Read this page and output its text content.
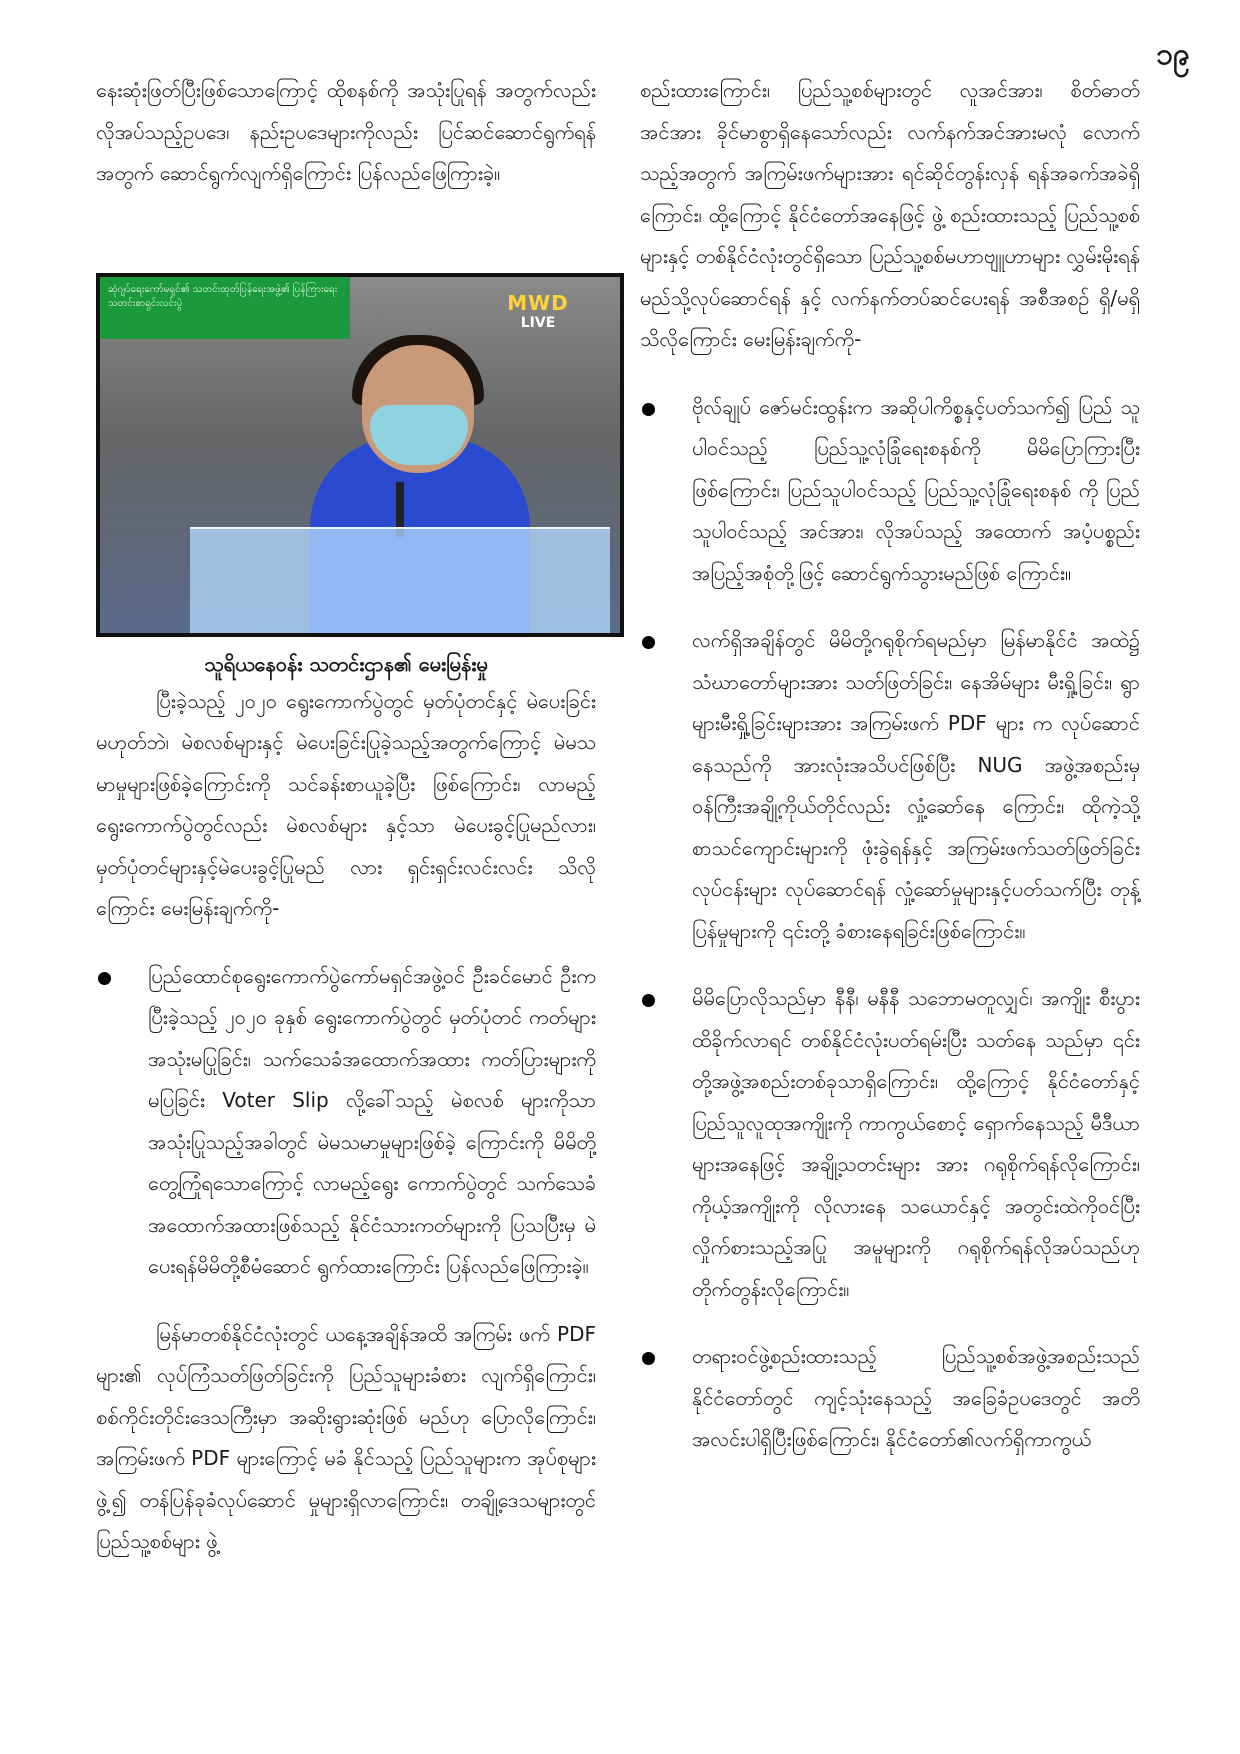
၁၉

နေးဆုံးဖြတ်ပြီးဖြစ်သောကြောင့် ထိုစနစ်ကို အသုံးပြုရန် အတွက်လည်း လိုအပ်သည့်ဥပဒေ၊ နည်းဥပဒေများကိုလည်း ပြင်ဆင်ဆောင်ရွက်ရန်အတွက် ဆောင်ရွက်လျက်ရှိကြောင်း ပြန်လည်ဖြေကြားခဲ့။

ဆုံဂျပ်ရေးကော်မရှင်၏ သတင်းထုတ်ပြန်ရေးအဖွဲ့၏ ပြန်ကြားရေးသတင်းစာရှင်းလင်းပွဲ	MWD
LIVE
သူရိယနေဝန်း သတင်းဌာန၏ မေးမြန်းမှု

ပြီးခဲ့သည့် ၂၀၂၀ ရွေးကောက်ပွဲတွင် မှတ်ပုံတင်နှင့် မဲပေးခြင်းမဟုတ်ဘဲ၊ မဲစလစ်များနှင့် မဲပေးခြင်းပြုခဲ့သည့်အတွက်ကြောင့် မဲမသမာမှုများဖြစ်ခဲ့ကြောင်းကို သင်ခန်းစာယူခဲ့ပြီး ဖြစ်ကြောင်း၊ လာမည့်ရွေးကောက်ပွဲတွင်လည်း မဲစလစ်များ နှင့်သာ မဲပေးခွင့်ပြုမည်လား၊ မှတ်ပုံတင်များနှင့်မဲပေးခွင့်ပြုမည် လား ရှင်းရှင်းလင်းလင်း သိလိုကြောင်း မေးမြန်းချက်ကို-

ပြည်ထောင်စုရွေးကောက်ပွဲကော်မရှင်အဖွဲ့ဝင် ဦးခင်မောင် ဦးက ပြီးခဲ့သည့် ၂၀၂၀ ခုနှစ် ရွေးကောက်ပွဲတွင် မှတ်ပုံတင် ကတ်များအသုံးမပြုခြင်း၊ သက်သေခံအထောက်အထား ကတ်ပြားများကိုမပြခြင်း Voter Slip လို့ခေါ်သည့် မဲစလစ် များကိုသာ အသုံးပြုသည့်အခါတွင် မဲမသမာမှုများဖြစ်ခဲ့ ကြောင်းကို မိမိတို့တွေ့ကြုံရသောကြောင့် လာမည့်ရွေး ကောက်ပွဲတွင် သက်သေခံအထောက်အထားဖြစ်သည့် နိုင်ငံသားကတ်များကို ပြသပြီးမှ မဲပေးရန်မိမိတို့စီမံဆောင် ရွက်ထားကြောင်း ပြန်လည်ဖြေကြားခဲ့။

မြန်မာတစ်နိုင်ငံလုံးတွင် ယနေ့အချိန်အထိ အကြမ်း ဖက် PDF များ၏ လုပ်ကြံသတ်ဖြတ်ခြင်းကို ပြည်သူများခံစား လျက်ရှိကြောင်း၊ စစ်ကိုင်းတိုင်းဒေသကြီးမှာ အဆိုးရွားဆုံးဖြစ် မည်ဟု ပြောလိုကြောင်း၊ အကြမ်းဖက် PDF များကြောင့် မခံ နိုင်သည့် ပြည်သူများက အုပ်စုများဖွဲ့၍ တန်ပြန်ခုခံလုပ်ဆောင် မှုများရှိလာကြောင်း၊ တချို့ဒေသများတွင် ပြည်သူ့စစ်များ ဖွဲ့

စည်းထားကြောင်း၊ ပြည်သူ့စစ်များတွင် လူအင်အား၊ စိတ်ဓာတ် အင်အား ခိုင်မာစွာရှိနေသော်လည်း လက်နက်အင်အားမလုံ လောက်သည့်အတွက် အကြမ်းဖက်များအား ရင်ဆိုင်တွန်းလှန် ရန်အခက်အခဲရှိကြောင်း၊ ထို့ကြောင့် နိုင်ငံတော်အနေဖြင့် ဖွဲ့ စည်းထားသည့် ပြည်သူ့စစ်များနှင့် တစ်နိုင်ငံလုံးတွင်ရှိသော ပြည်သူ့စစ်မဟာဗျူဟာများ လွှမ်းမိုးရန် မည်သို့လုပ်ဆောင်ရန် နှင့် လက်နက်တပ်ဆင်ပေးရန် အစီအစဉ် ရှိ/မရှိ သိလိုကြောင်း မေးမြန်းချက်ကို-

ဗိုလ်ချုပ် ဇော်မင်းထွန်းက အဆိုပါကိစ္စနှင့်ပတ်သက်၍ ပြည် သူပါဝင်သည့် ပြည်သူ့လုံခြုံရေးစနစ်ကို မိမိပြောကြားပြီး ဖြစ်ကြောင်း၊ ပြည်သူပါဝင်သည့် ပြည်သူ့လုံခြုံရေးစနစ် ကို ပြည်သူပါဝင်သည့် အင်အား၊ လိုအပ်သည့် အထောက် အပံ့ပစ္စည်း အပြည့်အစုံတို့ဖြင့် ဆောင်ရွက်သွားမည်ဖြစ် ကြောင်း။

လက်ရှိအချိန်တွင် မိမိတို့ဂရုစိုက်ရမည်မှာ မြန်မာနိုင်ငံ အထဲ၌ သံဃာတော်များအား သတ်ဖြတ်ခြင်း၊ နေအိမ်များ မီးရှို့ခြင်း၊ ရွာများမီးရှို့ခြင်းများအား အကြမ်းဖက် PDF များ က လုပ်ဆောင်နေသည်ကို အားလုံးအသိပင်ဖြစ်ပြီး NUG အဖွဲ့အစည်းမှ ဝန်ကြီးအချို့ကိုယ်တိုင်လည်း လှုံ့ဆော်နေ ကြောင်း၊ ထိုကဲ့သို့ စာသင်ကျောင်းများကို ဖုံးခွဲရန်နှင့် အကြမ်းဖက်သတ်ဖြတ်ခြင်းလုပ်ငန်းများ လုပ်ဆောင်ရန် လှုံ့ဆော်မှုများနှင့်ပတ်သက်ပြီး တုန့်ပြန်မှုများကို ၎င်းတို့ ခံစားနေရခြင်းဖြစ်ကြောင်း။

မိမိပြောလိုသည်မှာ နီနီ၊ မနီနီ သဘောမတူလျှင်၊ အကျိုး စီးပွားထိခိုက်လာရင် တစ်နိုင်ငံလုံးပတ်ရမ်းပြီး သတ်နေ သည်မှာ ၎င်းတို့အဖွဲ့အစည်းတစ်ခုသာရှိကြောင်း၊ ထို့ကြောင့် နိုင်ငံတော်နှင့် ပြည်သူလူထုအကျိုးကို ကာကွယ်စောင့် ရှောက်နေသည့် မီဒီယာများအနေဖြင့် အချို့သတင်းများ အား ဂရုစိုက်ရန်လိုကြောင်း၊ ကိုယ့်အကျိုးကို လိုလားနေ သယောင်နှင့် အတွင်းထဲကိုဝင်ပြီး လှိုက်စားသည့်အပြု အမူများကို ဂရုစိုက်ရန်လိုအပ်သည်ဟု တိုက်တွန်းလိုကြောင်း။

တရားဝင်ဖွဲ့စည်းထားသည့် ပြည်သူ့စစ်အဖွဲ့အစည်းသည် နိုင်ငံတော်တွင် ကျင့်သုံးနေသည့် အခြေခံဥပဒေတွင် အတိ အလင်းပါရှိပြီးဖြစ်ကြောင်း၊ နိုင်ငံတော်၏လက်ရှိကာကွယ်
